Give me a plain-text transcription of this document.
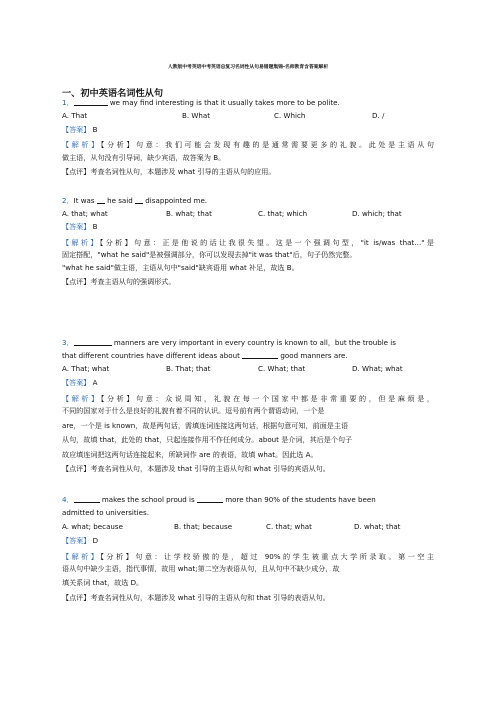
人教版中考英语中考英语总复习名词性从句易错题集锦-名师教育含答案解析
一、初中英语名词性从句
1．	we may find interesting is that it usually takes more to be polite.
A. That	B. What	C. Which	D. /
【答案】 B
【解析】【分析】句意：我们可能会发现有趣的是通常需要更多的礼貌。此处是主语从句
做主语，从句没有引导词，缺少宾语，故答案为 B。
【点评】考查名词性从句，本题涉及 what 引导的主语从句的应用。
2．It was he said disappointed me.
A. that; what	B. what; that	C. that; which	D. which; that
【答案】 B
【解析】【分析】句意：正是他说的话让我很失望。这是一个强调句型，"it is/was that…"是
固定搭配，"what he said"是被强调部分，你可以发现去掉"it was that"后，句子仍然完整。
"what he said"做主语，主语从句中"said"缺宾语用 what 补足，故选 B。
【点评】考查主语从句的强调形式。
3．	manners are very important in every country is known to all，but the trouble is
that different countries have different ideas about	good manners are.
A. That; what	B. That; that	C. What; that	D. What; what
【答案】 A
【解析】【分析】句意：众说周知，礼貌在每一个国家中都是非常重要的，但是麻烦是，
不同的国家对于什么是良好的礼貌有着不同的认识。逗号前有两个谓语动词，一个是
are，一个是 is known，故是两句话，需填连词连接这两句话，根据句意可知，前面是主语
从句，故填 that，此处的 that，只起连接作用不作任何成分。about 是介词，其后是个句子
故应填连词把这两句话连接起来，所缺词作 are 的表语，故填 what。因此选 A。
【点评】考查名词性从句，本题涉及 that 引导的主语从句和 what 引导的宾语从句。
4．	makes the school proud is	more than 90% of the students have been
admitted to universities.
A. what; because	B. that; because	C. that; what	D. what; that
【答案】 D
【解析】【分析】句意：让学校骄傲的是，超过 90%的学生被重点大学所录取。第一空主
语从句中缺少主语，指代事情，故用 what;第二空为表语从句，且从句中不缺少成分，故
填关系词 that，故选 D。
【点评】考查名词性从句，本题涉及 what 引导的主语从句和 that 引导的表语从句。
